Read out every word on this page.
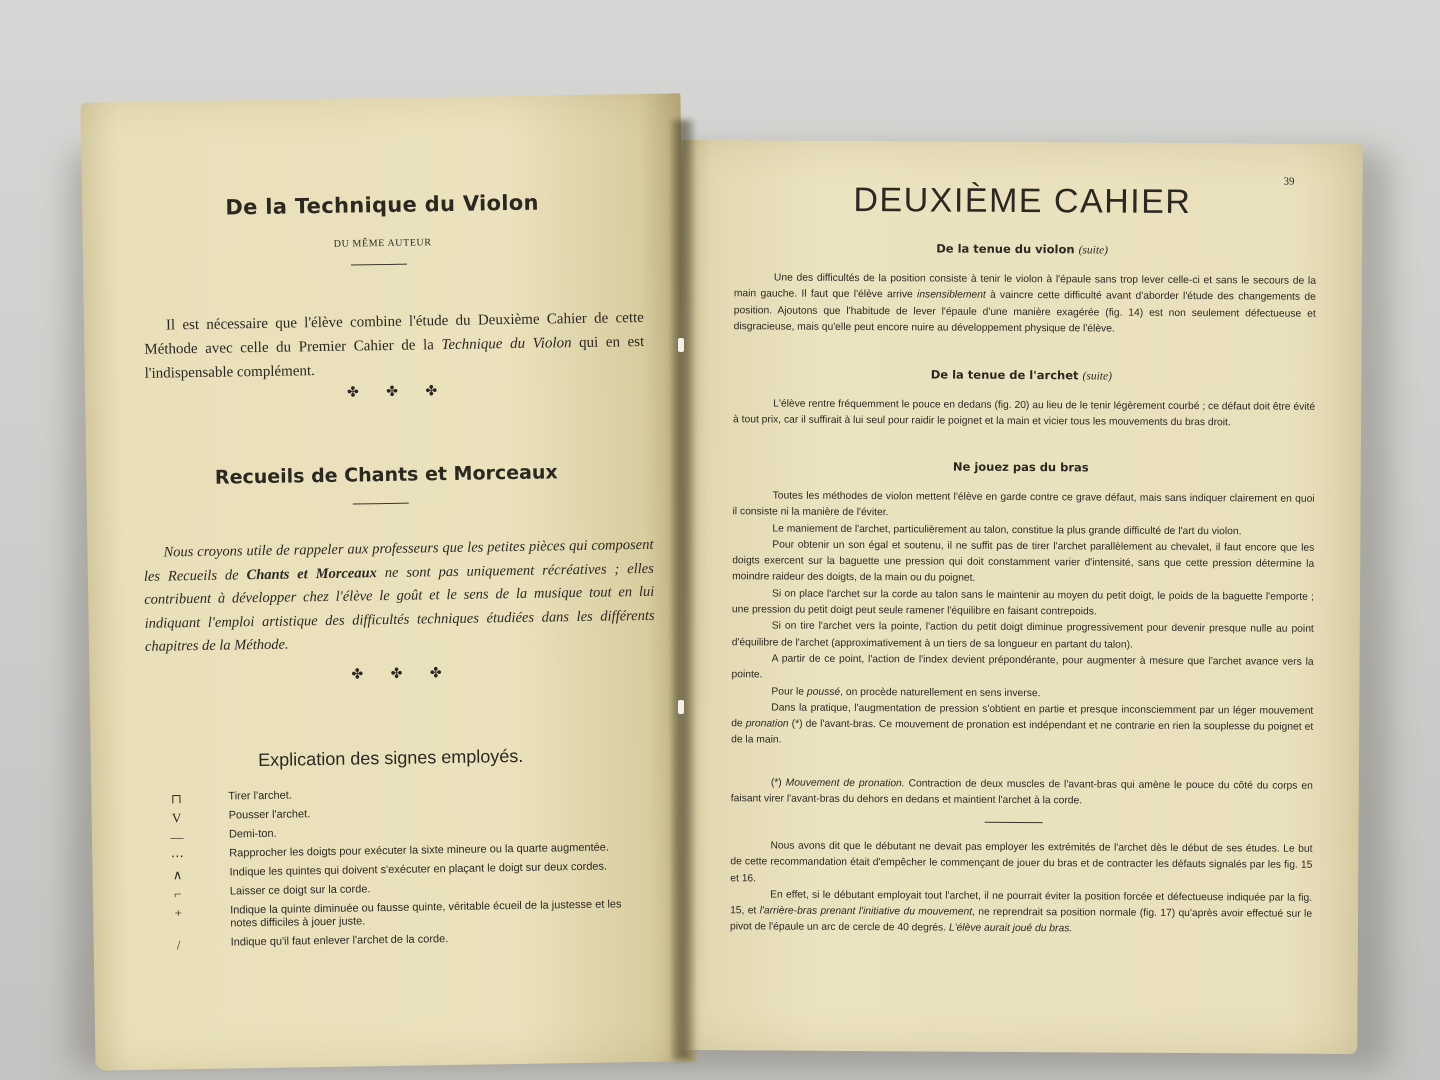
De la Technique du Violon
DU MÊME AUTEUR
Il est nécessaire que l'élève combine l'étude du Deuxième Cahier de cette Méthode avec celle du Premier Cahier de la Technique du Violon qui en est l'indispensable complément.
✤ ✤ ✤
Recueils de Chants et Morceaux
Nous croyons utile de rappeler aux professeurs que les petites pièces qui composent les Recueils de Chants et Morceaux ne sont pas uniquement récréatives ; elles contribuent à développer chez l'élève le goût et le sens de la musique tout en lui indiquant l'emploi artistique des difficultés techniques étudiées dans les différents chapitres de la Méthode.
✤ ✤ ✤
Explication des signes employés.
⊓	Tirer l'archet.
V	Pousser l'archet.
—	Demi-ton.
⋯	Rapprocher les doigts pour exécuter la sixte mineure ou la quarte augmentée.
∧	Indique les quintes qui doivent s'exécuter en plaçant le doigt sur deux cordes.
⌐	Laisser ce doigt sur la corde.
+	Indique la quinte diminuée ou fausse quinte, véritable écueil de la justesse et les notes difficiles à jouer juste.
/	Indique qu'il faut enlever l'archet de la corde.
39
DEUXIÈME CAHIER
De la tenue du violon (suite)
Une des difficultés de la position consiste à tenir le violon à l'épaule sans trop lever celle-ci et sans le secours de la main gauche. Il faut que l'élève arrive insensiblement à vaincre cette difficulté avant d'aborder l'étude des changements de position. Ajoutons que l'habitude de lever l'épaule d'une manière exagérée (fig. 14) est non seulement défectueuse et disgracieuse, mais qu'elle peut encore nuire au développement physique de l'élève.
De la tenue de l'archet (suite)
L'élève rentre fréquemment le pouce en dedans (fig. 20) au lieu de le tenir légèrement courbé ; ce défaut doit être évité à tout prix, car il suffirait à lui seul pour raidir le poignet et la main et vicier tous les mouvements du bras droit.
Ne jouez pas du bras

Toutes les méthodes de violon mettent l'élève en garde contre ce grave défaut, mais sans indiquer clairement en quoi il consiste ni la manière de l'éviter.

Le maniement de l'archet, particulièrement au talon, constitue la plus grande difficulté de l'art du violon.

Pour obtenir un son égal et soutenu, il ne suffit pas de tirer l'archet parallèlement au chevalet, il faut encore que les doigts exercent sur la baguette une pression qui doit constamment varier d'intensité, sans que cette pression détermine la moindre raideur des doigts, de la main ou du poignet.

Si on place l'archet sur la corde au talon sans le maintenir au moyen du petit doigt, le poids de la baguette l'emporte ; une pression du petit doigt peut seule ramener l'équilibre en faisant contrepoids.

Si on tire l'archet vers la pointe, l'action du petit doigt diminue progressivement pour devenir presque nulle au point d'équilibre de l'archet (approximativement à un tiers de sa longueur en partant du talon).

A partir de ce point, l'action de l'index devient prépondérante, pour augmenter à mesure que l'archet avance vers la pointe.

Pour le poussé, on procède naturellement en sens inverse.

Dans la pratique, l'augmentation de pression s'obtient en partie et presque inconsciemment par un léger mouvement de pronation (*) de l'avant-bras. Ce mouvement de pronation est indépendant et ne contrarie en rien la souplesse du poignet et de la main.

(*) Mouvement de pronation. Contraction de deux muscles de l'avant-bras qui amène le pouce du côté du corps en faisant virer l'avant-bras du dehors en dedans et maintient l'archet à la corde.

Nous avons dit que le débutant ne devait pas employer les extrémités de l'archet dès le début de ses études. Le but de cette recommandation était d'empêcher le commençant de jouer du bras et de contracter les défauts signalés par les fig. 15 et 16.

En effet, si le débutant employait tout l'archet, il ne pourrait éviter la position forcée et défectueuse indiquée par la fig. 15, et l'arrière-bras prenant l'initiative du mouvement, ne reprendrait sa position normale (fig. 17) qu'après avoir effectué sur le pivot de l'épaule un arc de cercle de 40 degrés. L'élève aurait joué du bras.
